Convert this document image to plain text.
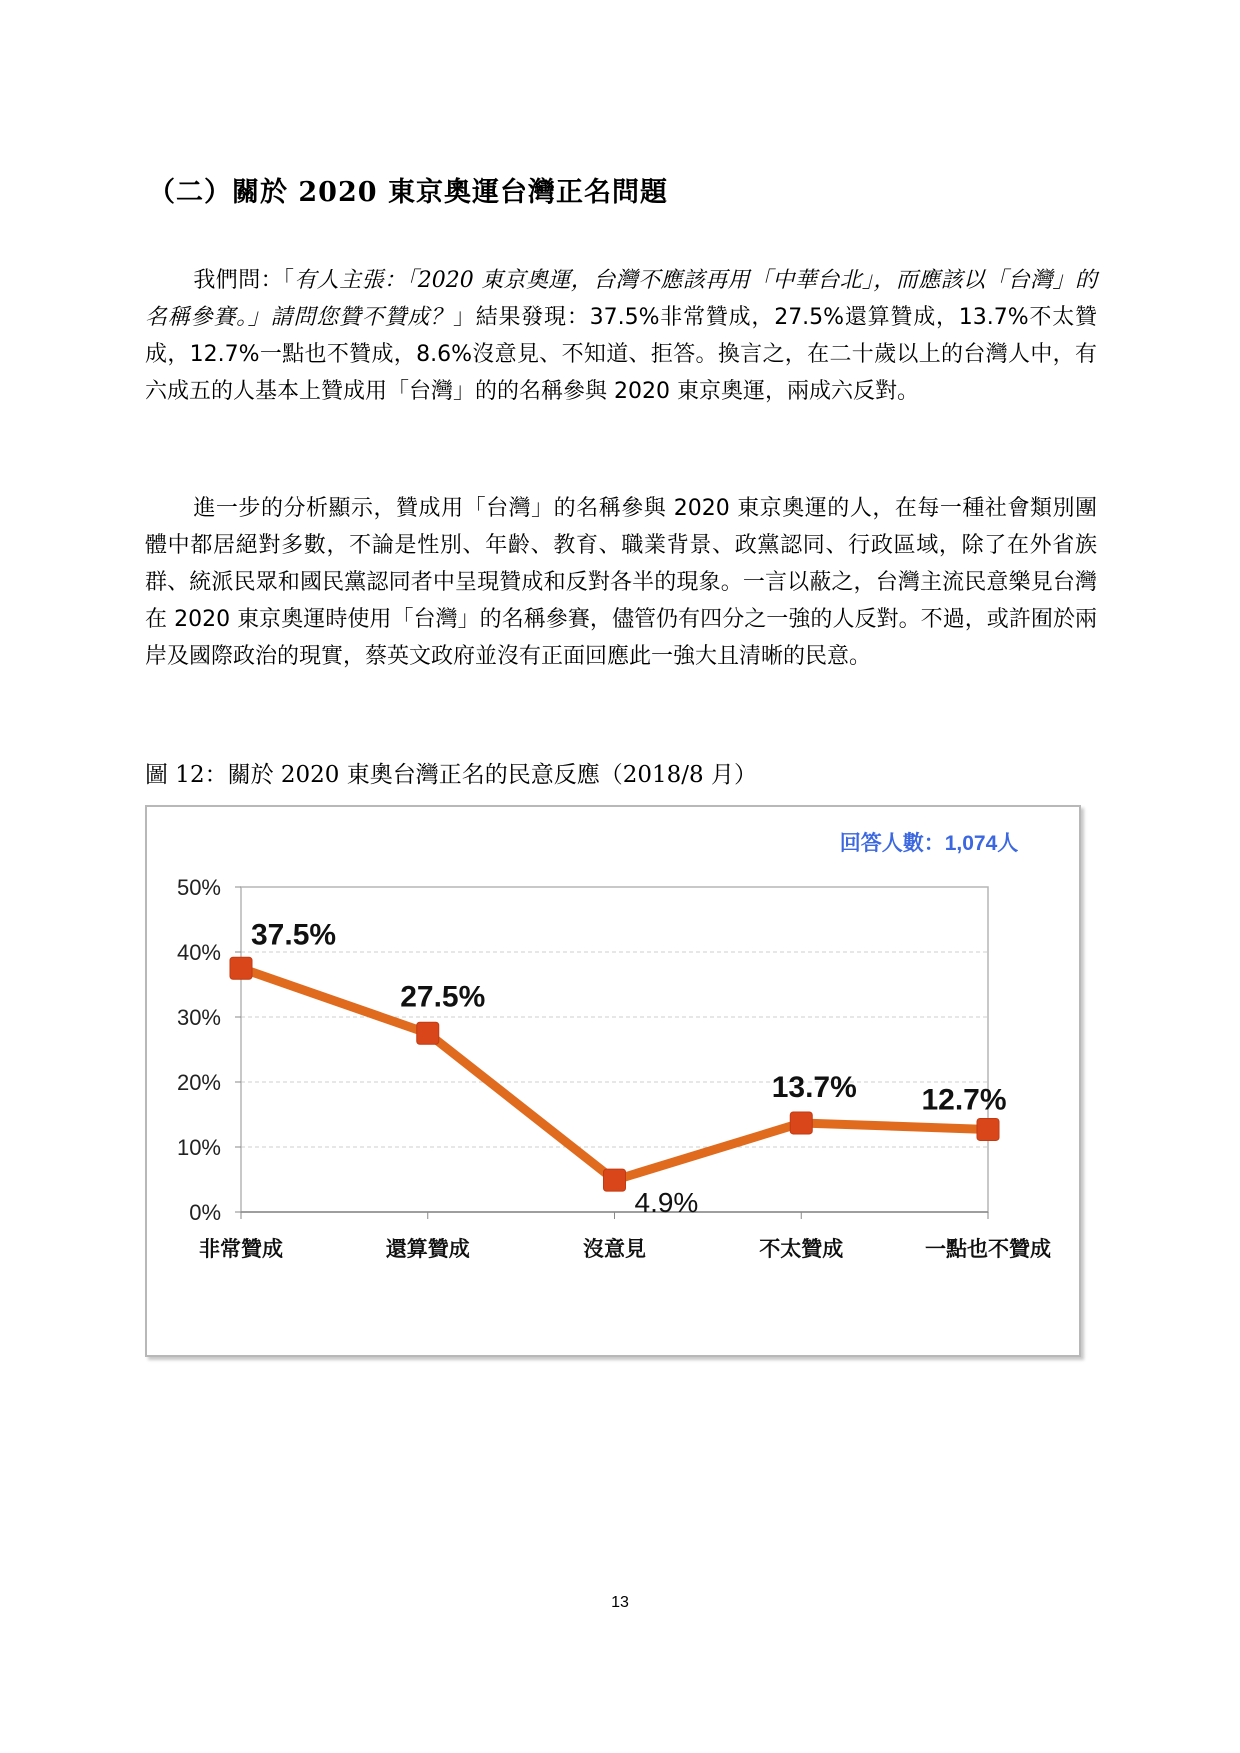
（二）關於 2020 東京奧運台灣正名問題

我們問：「有人主張：「2020 東京奧運，台灣不應該再用「中華台北」，而應該以「台灣」的名稱參賽。」請問您贊不贊成？」結果發現：37.5%非常贊成，27.5%還算贊成，13.7%不太贊成，12.7%一點也不贊成，8.6%沒意見、不知道、拒答。換言之，在二十歲以上的台灣人中，有六成五的人基本上贊成用「台灣」的的名稱參與 2020 東京奧運，兩成六反對。

進一步的分析顯示，贊成用「台灣」的名稱參與 2020 東京奧運的人，在每一種社會類別團體中都居絕對多數，不論是性別、年齡、教育、職業背景、政黨認同、行政區域，除了在外省族群、統派民眾和國民黨認同者中呈現贊成和反對各半的現象。一言以蔽之，台灣主流民意樂見台灣在 2020 東京奧運時使用「台灣」的名稱參賽，儘管仍有四分之一強的人反對。不過，或許囿於兩岸及國際政治的現實，蔡英文政府並沒有正面回應此一強大且清晰的民意。

圖 12：關於 2020 東奧台灣正名的民意反應（2018/8 月）
0%
10%
20%
30%
40%
50%
非常贊成	還算贊成	沒意見	不太贊成	一點也不贊成
37.5%
27.5%
4.9%
13.7% 12.7%
回答人數：1,074人
13
